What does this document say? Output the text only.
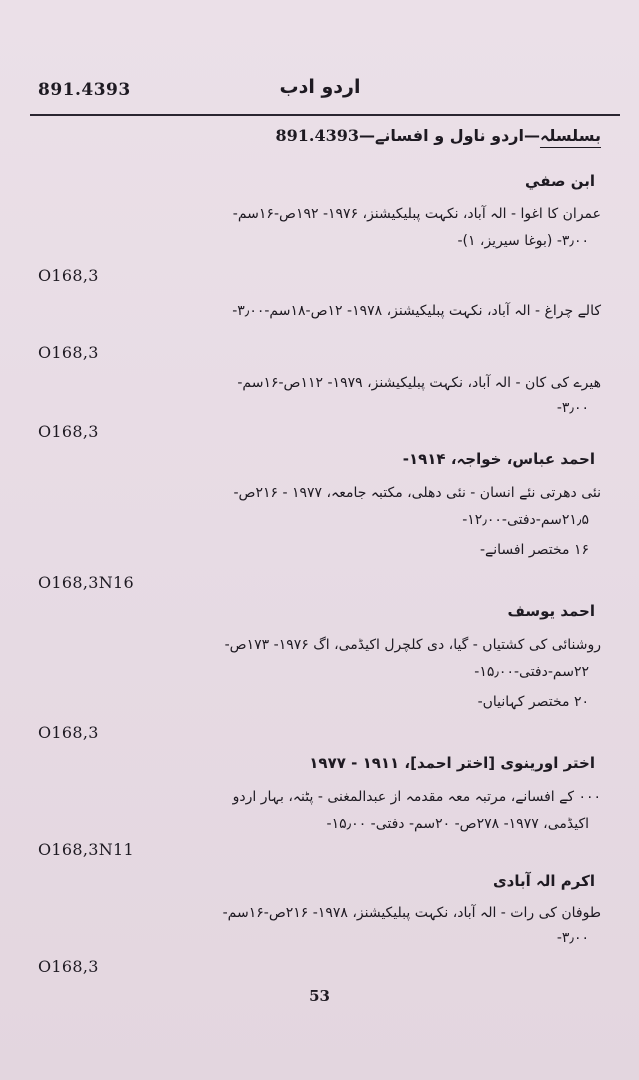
891.4393	اردو ادب
بسلسلہ—اردو ناول و افسانے—891.4393
ابن صفي
عمران کا اغوا - الہ آباد، نکہت پبلیکیشنز، ۱۹۷۶- ۱۹۲ص-۱۶سم-
۳٫۰۰- (بوغا سیریز، ۱)-
O168,3
کالے چراغ - الہ آباد، نکہت پبلیکیشنز، ۱۹۷۸- ۱۲ص-۱۸سم-۳٫۰۰-
O168,3
ھیرے کی کان - الہ آباد، نکہت پبلیکیشنز، ۱۹۷۹- ۱۱۲ص-۱۶سم-
۳٫۰۰-
O168,3
احمد عباس، خواجہ، ۱۹۱۴-
نئی دھرتی نئے انسان - نئی دھلی، مکتبہ جامعہ، ۱۹۷۷ - ۲۱۶ص-
۲۱٫۵سم-دفتی-۱۲٫۰۰-
۱۶ مختصر افسانے-
O168,3N16
احمد یوسف
روشنائی کی کشتیاں - گیا، دی کلچرل اکیڈمی، اگ ۱۹۷۶- ۱۷۳ص-
۲۲سم-دفتی-۱۵٫۰۰-
۲۰ مختصر کہانیاں-
O168,3
اختر اورینوی [اختر احمد]، ۱۹۱۱ - ۱۹۷۷
۰۰۰ کے افسانے، مرتبہ معہ مقدمہ از عبدالمغنی - پٹنہ، بہار اردو
اکیڈمی، ۱۹۷۷- ۲۷۸ص- ۲۰سم- دفتی- ۱۵٫۰۰-
O168,3N11
اکرم الہ آبادی
طوفان کی رات - الہ آباد، نکہت پبلیکیشنز، ۱۹۷۸- ۲۱۶ص-۱۶سم-
۳٫۰۰-
O168,3
53
